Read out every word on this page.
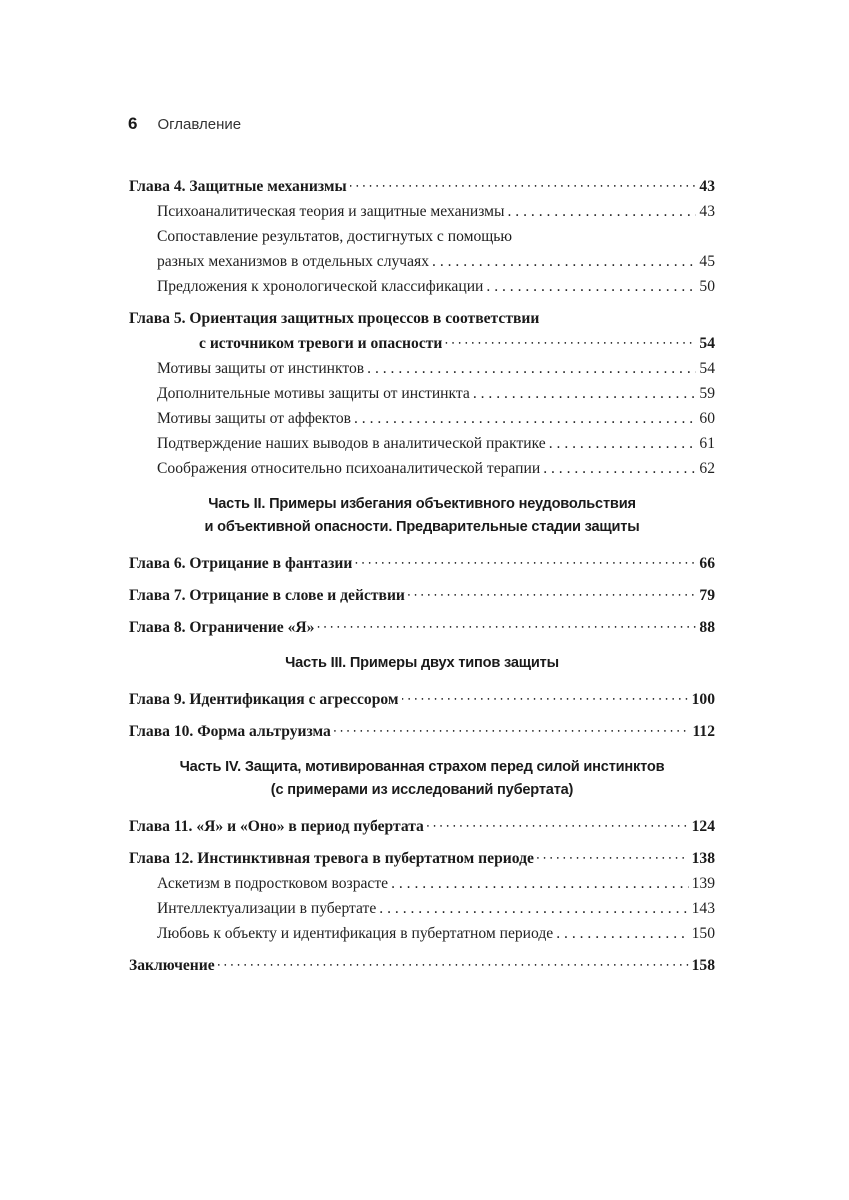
6 Оглавление
Глава 4. Защитные механизмы • • •	43
Психоаналитическая теория и защитные механизмы . . .	43
Сопоставление результатов, достигнутых с помощью
разных механизмов в отдельных случаях . . .	45
Предложения к хронологической классификации . . .	50
Глава 5. Ориентация защитных процессов в соответствии
с источником тревоги и опасности • • •	54
Мотивы защиты от инстинктов . . .	54
Дополнительные мотивы защиты от инстинкта . . .	59
Мотивы защиты от аффектов . . .	60
Подтверждение наших выводов в аналитической практике . . .	61
Соображения относительно психоаналитической терапии . . .	62
Часть II. Примеры избегания объективного неудовольствия
и объективной опасности. Предварительные стадии защиты
Глава 6. Отрицание в фантазии • • •	66
Глава 7. Отрицание в слове и действии • • •	79
Глава 8. Ограничение «Я» • • •	88
Часть III. Примеры двух типов защиты
Глава 9. Идентификация с агрессором • • •	100
Глава 10. Форма альтруизма • • •	112
Часть IV. Защита, мотивированная страхом перед силой инстинктов
(с примерами из исследований пубертата)
Глава 11. «Я» и «Оно» в период пубертата • • •	124
Глава 12. Инстинктивная тревога в пубертатном периоде • • •	138
Аскетизм в подростковом возрасте . . .	139
Интеллектуализации в пубертате . . .	143
Любовь к объекту и идентификация в пубертатном периоде . . .	150
Заключение • • •	158
